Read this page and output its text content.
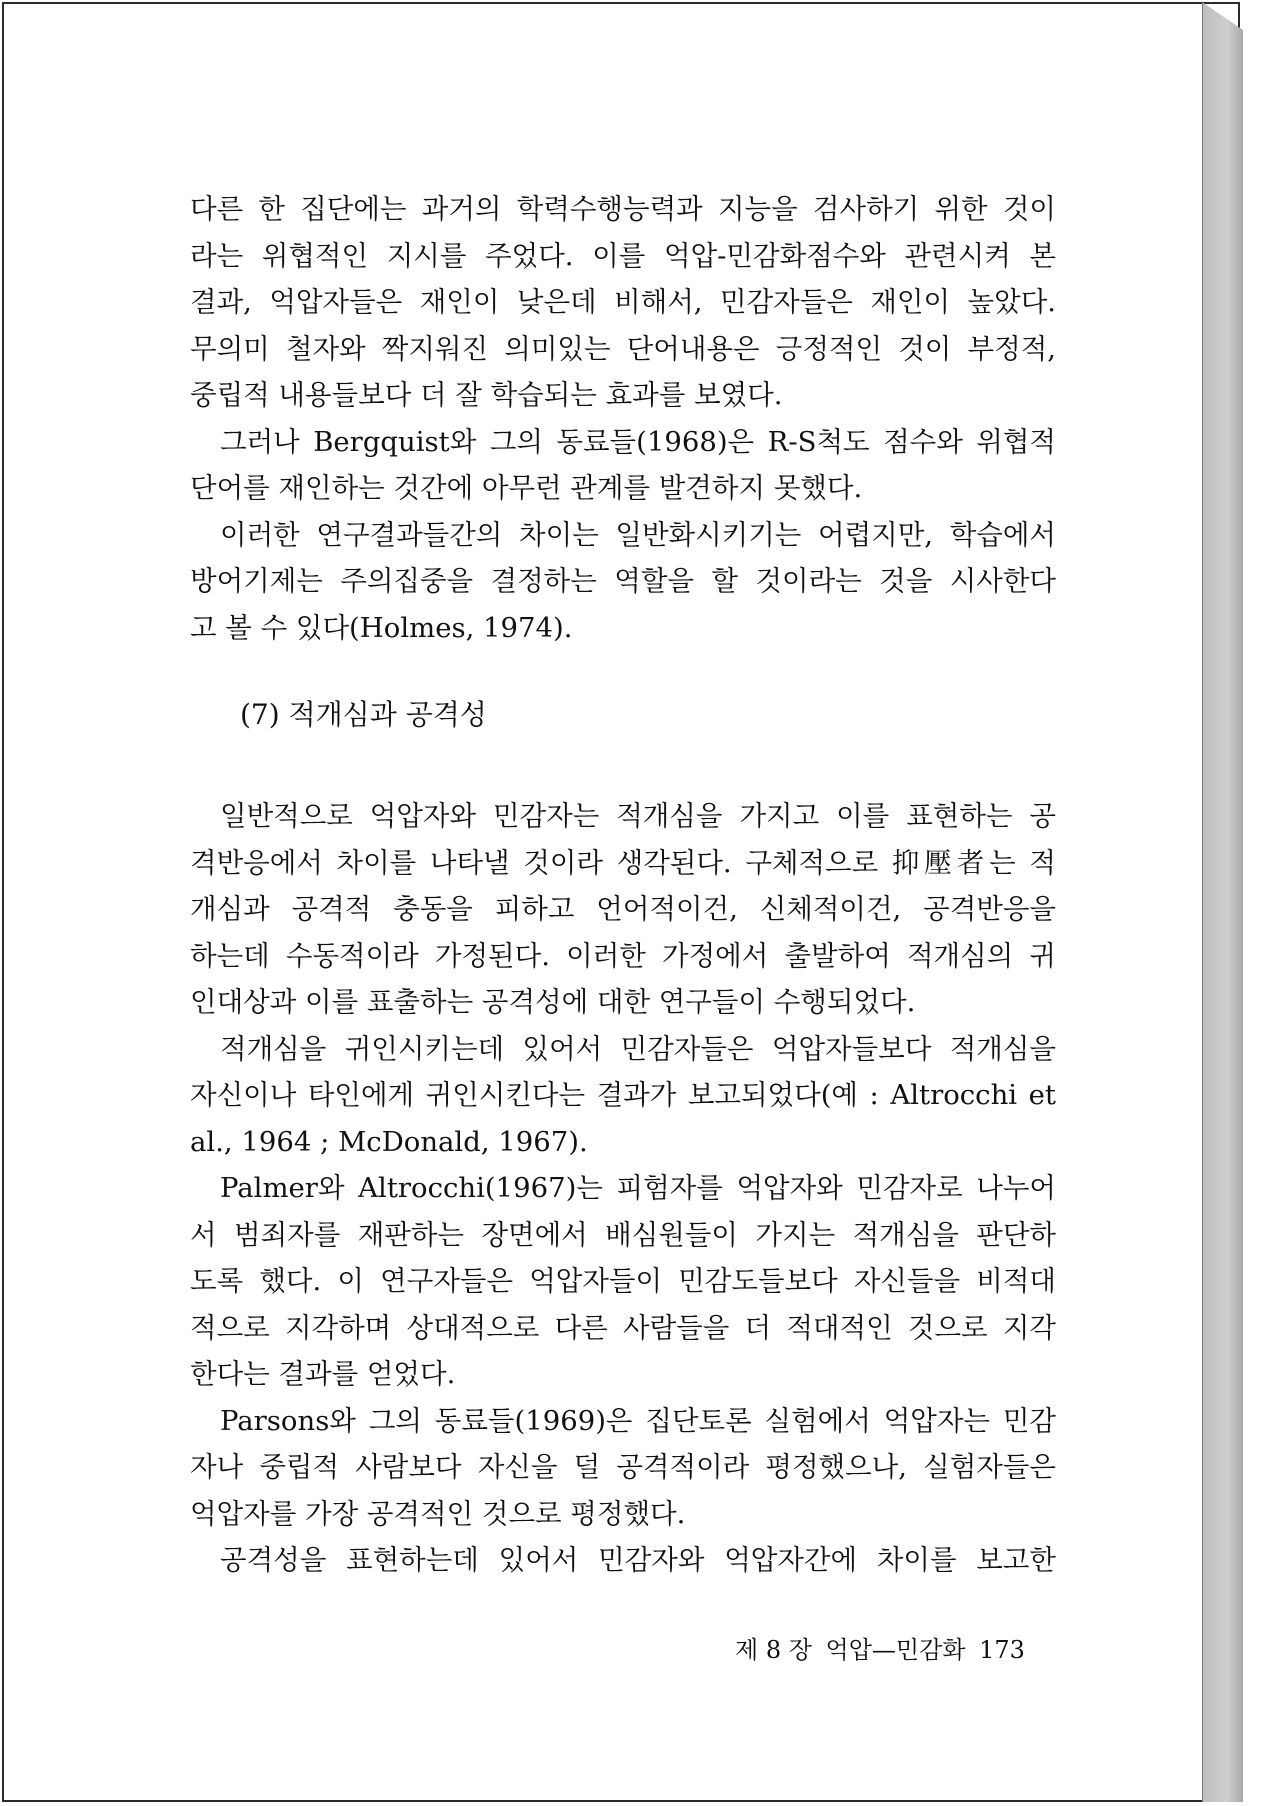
다른 한 집단에는 과거의 학력수행능력과 지능을 검사하기 위한 것이
라는 위협적인 지시를 주었다. 이를 억압-민감화점수와 관련시켜 본
결과, 억압자들은 재인이 낮은데 비해서, 민감자들은 재인이 높았다.
무의미 철자와 짝지워진 의미있는 단어내용은 긍정적인 것이 부정적,
중립적 내용들보다 더 잘 학습되는 효과를 보였다.
그러나 Bergquist와 그의 동료들(1968)은 R-S척도 점수와 위협적
단어를 재인하는 것간에 아무런 관계를 발견하지 못했다.
이러한 연구결과들간의 차이는 일반화시키기는 어렵지만, 학습에서
방어기제는 주의집중을 결정하는 역할을 할 것이라는 것을 시사한다
고 볼 수 있다(Holmes, 1974).
(7) 적개심과 공격성
일반적으로 억압자와 민감자는 적개심을 가지고 이를 표현하는 공
격반응에서 차이를 나타낼 것이라 생각된다. 구체적으로 抑壓者는 적
개심과 공격적 충동을 피하고 언어적이건, 신체적이건, 공격반응을
하는데 수동적이라 가정된다. 이러한 가정에서 출발하여 적개심의 귀
인대상과 이를 표출하는 공격성에 대한 연구들이 수행되었다.
적개심을 귀인시키는데 있어서 민감자들은 억압자들보다 적개심을
자신이나 타인에게 귀인시킨다는 결과가 보고되었다(예 : Altrocchi et
al., 1964 ; McDonald, 1967).
Palmer와 Altrocchi(1967)는 피험자를 억압자와 민감자로 나누어
서 범죄자를 재판하는 장면에서 배심원들이 가지는 적개심을 판단하
도록 했다. 이 연구자들은 억압자들이 민감도들보다 자신들을 비적대
적으로 지각하며 상대적으로 다른 사람들을 더 적대적인 것으로 지각
한다는 결과를 얻었다.
Parsons와 그의 동료들(1969)은 집단토론 실험에서 억압자는 민감
자나 중립적 사람보다 자신을 덜 공격적이라 평정했으나, 실험자들은
억압자를 가장 공격적인 것으로 평정했다.
공격성을 표현하는데 있어서 민감자와 억압자간에 차이를 보고한
제 8 장 억압—민감화 173
